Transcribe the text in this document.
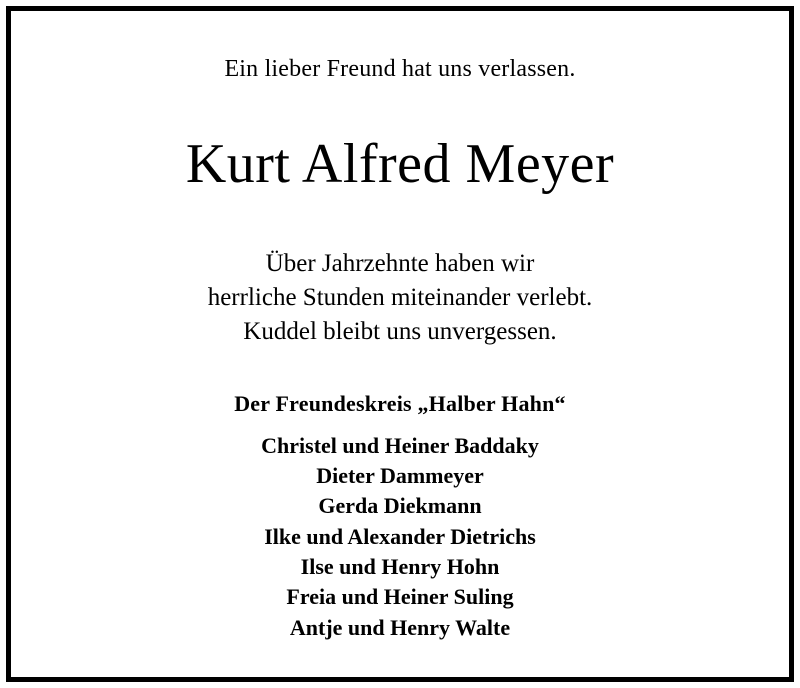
Ein lieber Freund hat uns verlassen.
Kurt Alfred Meyer
Über Jahrzehnte haben wir
herrliche Stunden miteinander verlebt.
Kuddel bleibt uns unvergessen.
Der Freundeskreis „Halber Hahn“
Christel und Heiner Baddaky
Dieter Dammeyer
Gerda Diekmann
Ilke und Alexander Dietrichs
Ilse und Henry Hohn
Freia und Heiner Suling
Antje und Henry Walte
